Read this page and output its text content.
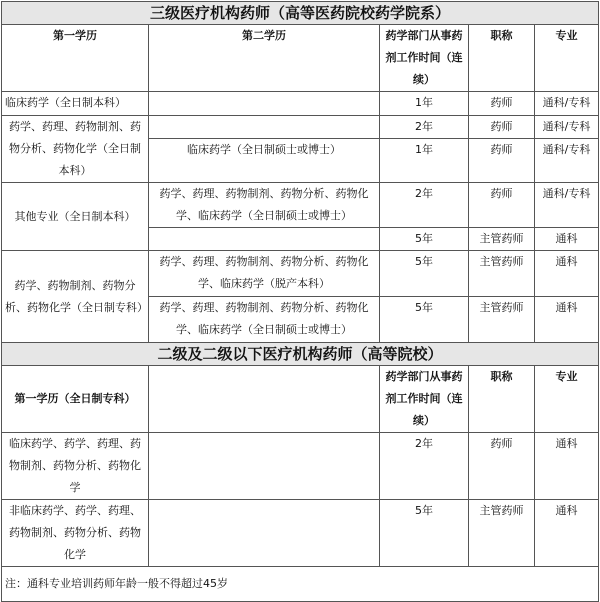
三级医疗机构药师（高等医药院校药学院系）				
第一学历	第二学历	药学部门从事药剂工作时间（连续）	职称	专业
临床药学（全日制本科）		1年	药师	通科/专科
药学、药理、药物制剂、药物分析、药物化学（全日制本科）		2年	药师	通科/专科
	临床药学（全日制硕士或博士）	1年	药师	通科/专科
其他专业（全日制本科）	药学、药理、药物制剂、药物分析、药物化学、临床药学（全日制硕士或博士）	2年	药师	通科/专科
		5年	主管药师	通科
药学、药物制剂、药物分析、药物化学（全日制专科）	药学、药理、药物制剂、药物分析、药物化学、临床药学（脱产本科）	5年	主管药师	通科
	药学、药理、药物制剂、药物分析、药物化学、临床药学（全日制硕士或博士）	5年	主管药师	通科
二级及二级以下医疗机构药师（高等院校）				
第一学历（全日制专科）		药学部门从事药剂工作时间（连续）	职称	专业
临床药学、药学、药理、药物制剂、药物分析、药物化学		2年	药师	通科
非临床药学、药学、药理、药物制剂、药物分析、药物化学		5年	主管药师	通科
注：通科专业培训药师年龄一般不得超过45岁				
